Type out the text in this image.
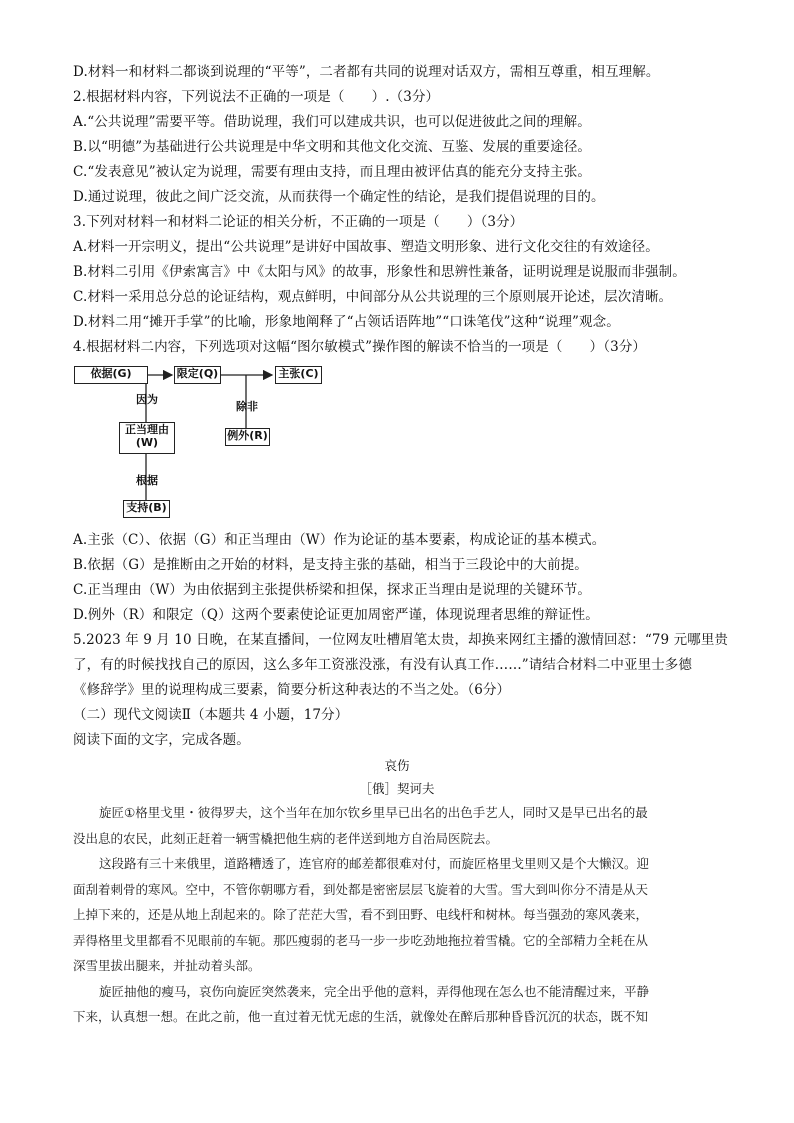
D.材料一和材料二都谈到说理的“平等”，二者都有共同的说理对话双方，需相互尊重，相互理解。
2.根据材料内容，下列说法不正确的一项是（　　）.（3分）
A.“公共说理”需要平等。借助说理，我们可以建成共识，也可以促进彼此之间的理解。
B.以“明德”为基础进行公共说理是中华文明和其他文化交流、互鉴、发展的重要途径。
C.“发表意见”被认定为说理，需要有理由支持，而且理由被评估真的能充分支持主张。
D.通过说理，彼此之间广泛交流，从而获得一个确定性的结论，是我们提倡说理的目的。
3.下列对材料一和材料二论证的相关分析，不正确的一项是（　　）（3分）
A.材料一开宗明义，提出“公共说理”是讲好中国故事、塑造文明形象、进行文化交往的有效途径。
B.材料二引用《伊索寓言》中《太阳与风》的故事，形象性和思辨性兼备，证明说理是说服而非强制。
C.材料一采用总分总的论证结构，观点鲜明，中间部分从公共说理的三个原则展开论述，层次清晰。
D.材料二用“摊开手掌”的比喻，形象地阐释了“占领话语阵地”“口诛笔伐”这种“说理”观念。
4.根据材料二内容，下列选项对这幅“图尔敏模式”操作图的解读不恰当的一项是（　　）（3分）
依据(G)	限定(Q)	主张(C)
因为
除非
正当理由
(W)
例外(R)
根据
支持(B)
A.主张（C）、依据（G）和正当理由（W）作为论证的基本要素，构成论证的基本模式。
B.依据（G）是推断由之开始的材料，是支持主张的基础，相当于三段论中的大前提。
C.正当理由（W）为由依据到主张提供桥梁和担保，探求正当理由是说理的关键环节。
D.例外（R）和限定（Q）这两个要素使论证更加周密严谨，体现说理者思维的辩证性。
5.2023 年 9 月 10 日晚，在某直播间，一位网友吐槽眉笔太贵，却换来网红主播的激情回怼：“79 元哪里贵
了，有的时候找找自己的原因，这么多年工资涨没涨，有没有认真工作……”请结合材料二中亚里士多德
《修辞学》里的说理构成三要素，简要分析这种表达的不当之处。（6分）
（二）现代文阅读Ⅱ（本题共 4 小题，17分）
阅读下面的文字，完成各题。
哀伤
［俄］契诃夫
旋匠①格里戈里・彼得罗夫，这个当年在加尔钦乡里早已出名的出色手艺人，同时又是早已出名的最
没出息的农民，此刻正赶着一辆雪橇把他生病的老伴送到地方自治局医院去。
这段路有三十来俄里，道路糟透了，连官府的邮差都很难对付，而旋匠格里戈里则又是个大懒汉。迎
面刮着刺骨的寒风。空中，不管你朝哪方看，到处都是密密层层飞旋着的大雪。雪大到叫你分不清是从天
上掉下来的，还是从地上刮起来的。除了茫茫大雪，看不到田野、电线杆和树林。每当强劲的寒风袭来，
弄得格里戈里都看不见眼前的车轭。那匹瘦弱的老马一步一步吃劲地拖拉着雪橇。它的全部精力全耗在从
深雪里拔出腿来，并扯动着头部。
旋匠抽他的瘦马，哀伤向旋匠突然袭来，完全出乎他的意料，弄得他现在怎么也不能清醒过来，平静
下来，认真想一想。在此之前，他一直过着无忧无虑的生活，就像处在醉后那种昏昏沉沉的状态，既不知
